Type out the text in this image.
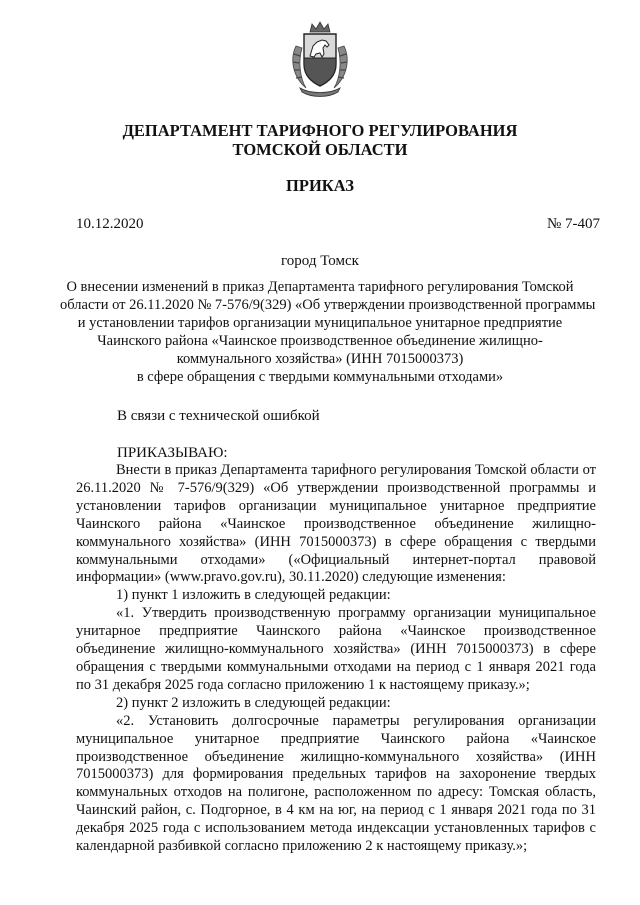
ДЕПАРТАМЕНТ ТАРИФНОГО РЕГУЛИРОВАНИЯ
ТОМСКОЙ ОБЛАСТИ
ПРИКАЗ
10.12.2020	№ 7-407
город Томск
О внесении изменений в приказ Департамента тарифного регулирования Томской
области от 26.11.2020 № 7-576/9(329) «Об утверждении производственной программы
и установлении тарифов организации муниципальное унитарное предприятие
Чаинского района «Чаинское производственное объединение жилищно-
коммунального хозяйства» (ИНН 7015000373)
в сфере обращения с твердыми коммунальными отходами»
В связи с технической ошибкой
ПРИКАЗЫВАЮ:

Внести в приказ Департамента тарифного регулирования Томской области от 26.11.2020 № 7-576/9(329) «Об утверждении производственной программы и установлении тарифов организации муниципальное унитарное предприятие Чаинского района «Чаинское производственное объединение жилищно-коммунального хозяйства» (ИНН 7015000373) в сфере обращения с твердыми коммунальными отходами» («Официальный интернет-портал правовой информации» (www.pravo.gov.ru), 30.11.2020) следующие изменения:

1) пункт 1 изложить в следующей редакции:

«1. Утвердить производственную программу организации муниципальное унитарное предприятие Чаинского района «Чаинское производственное объединение жилищно-коммунального хозяйства» (ИНН 7015000373) в сфере обращения с твердыми коммунальными отходами на период с 1 января 2021 года по 31 декабря 2025 года согласно приложению 1 к настоящему приказу.»;

2) пункт 2 изложить в следующей редакции:

«2. Установить долгосрочные параметры регулирования организации муниципальное унитарное предприятие Чаинского района «Чаинское производственное объединение жилищно-коммунального хозяйства» (ИНН 7015000373) для формирования предельных тарифов на захоронение твердых коммунальных отходов на полигоне, расположенном по адресу: Томская область, Чаинский район, с. Подгорное, в 4 км на юг, на период с 1 января 2021 года по 31 декабря 2025 года с использованием метода индексации установленных тарифов с календарной разбивкой согласно приложению 2 к настоящему приказу.»;
